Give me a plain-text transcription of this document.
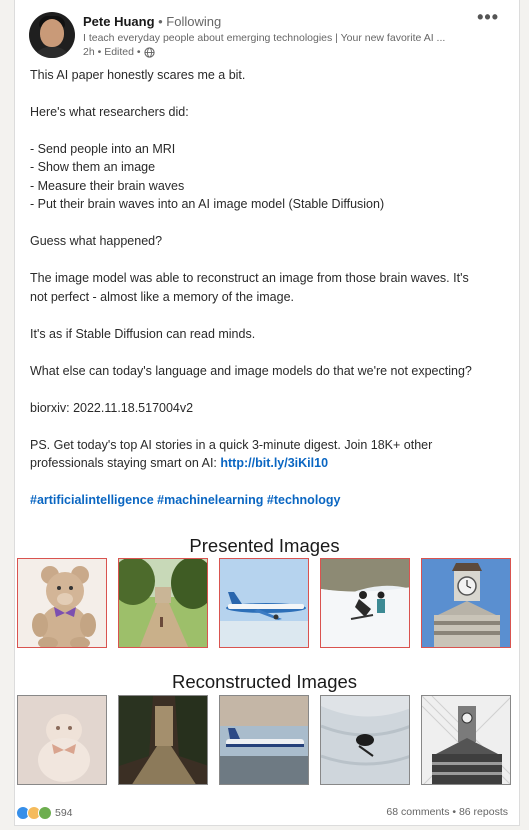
Pete Huang • Following
I teach everyday people about emerging technologies | Your new favorite AI ...
2h • Edited •
•••

This AI paper honestly scares me a bit.

Here's what researchers did:

- Send people into an MRI

- Show them an image

- Measure their brain waves

- Put their brain waves into an AI image model (Stable Diffusion)

Guess what happened?

The image model was able to reconstruct an image from those brain waves. It's

not perfect - almost like a memory of the image.

It's as if Stable Diffusion can read minds.

What else can today's language and image models do that we're not expecting?

biorxiv: 2022.11.18.517004v2

PS. Get today's top AI stories in a quick 3-minute digest. Join 18K+ other

professionals staying smart on AI: http://bit.ly/3iKil10

#artificialintelligence #machinelearning #technology

Presented Images
Reconstructed Images
594	68 comments • 86 reposts
